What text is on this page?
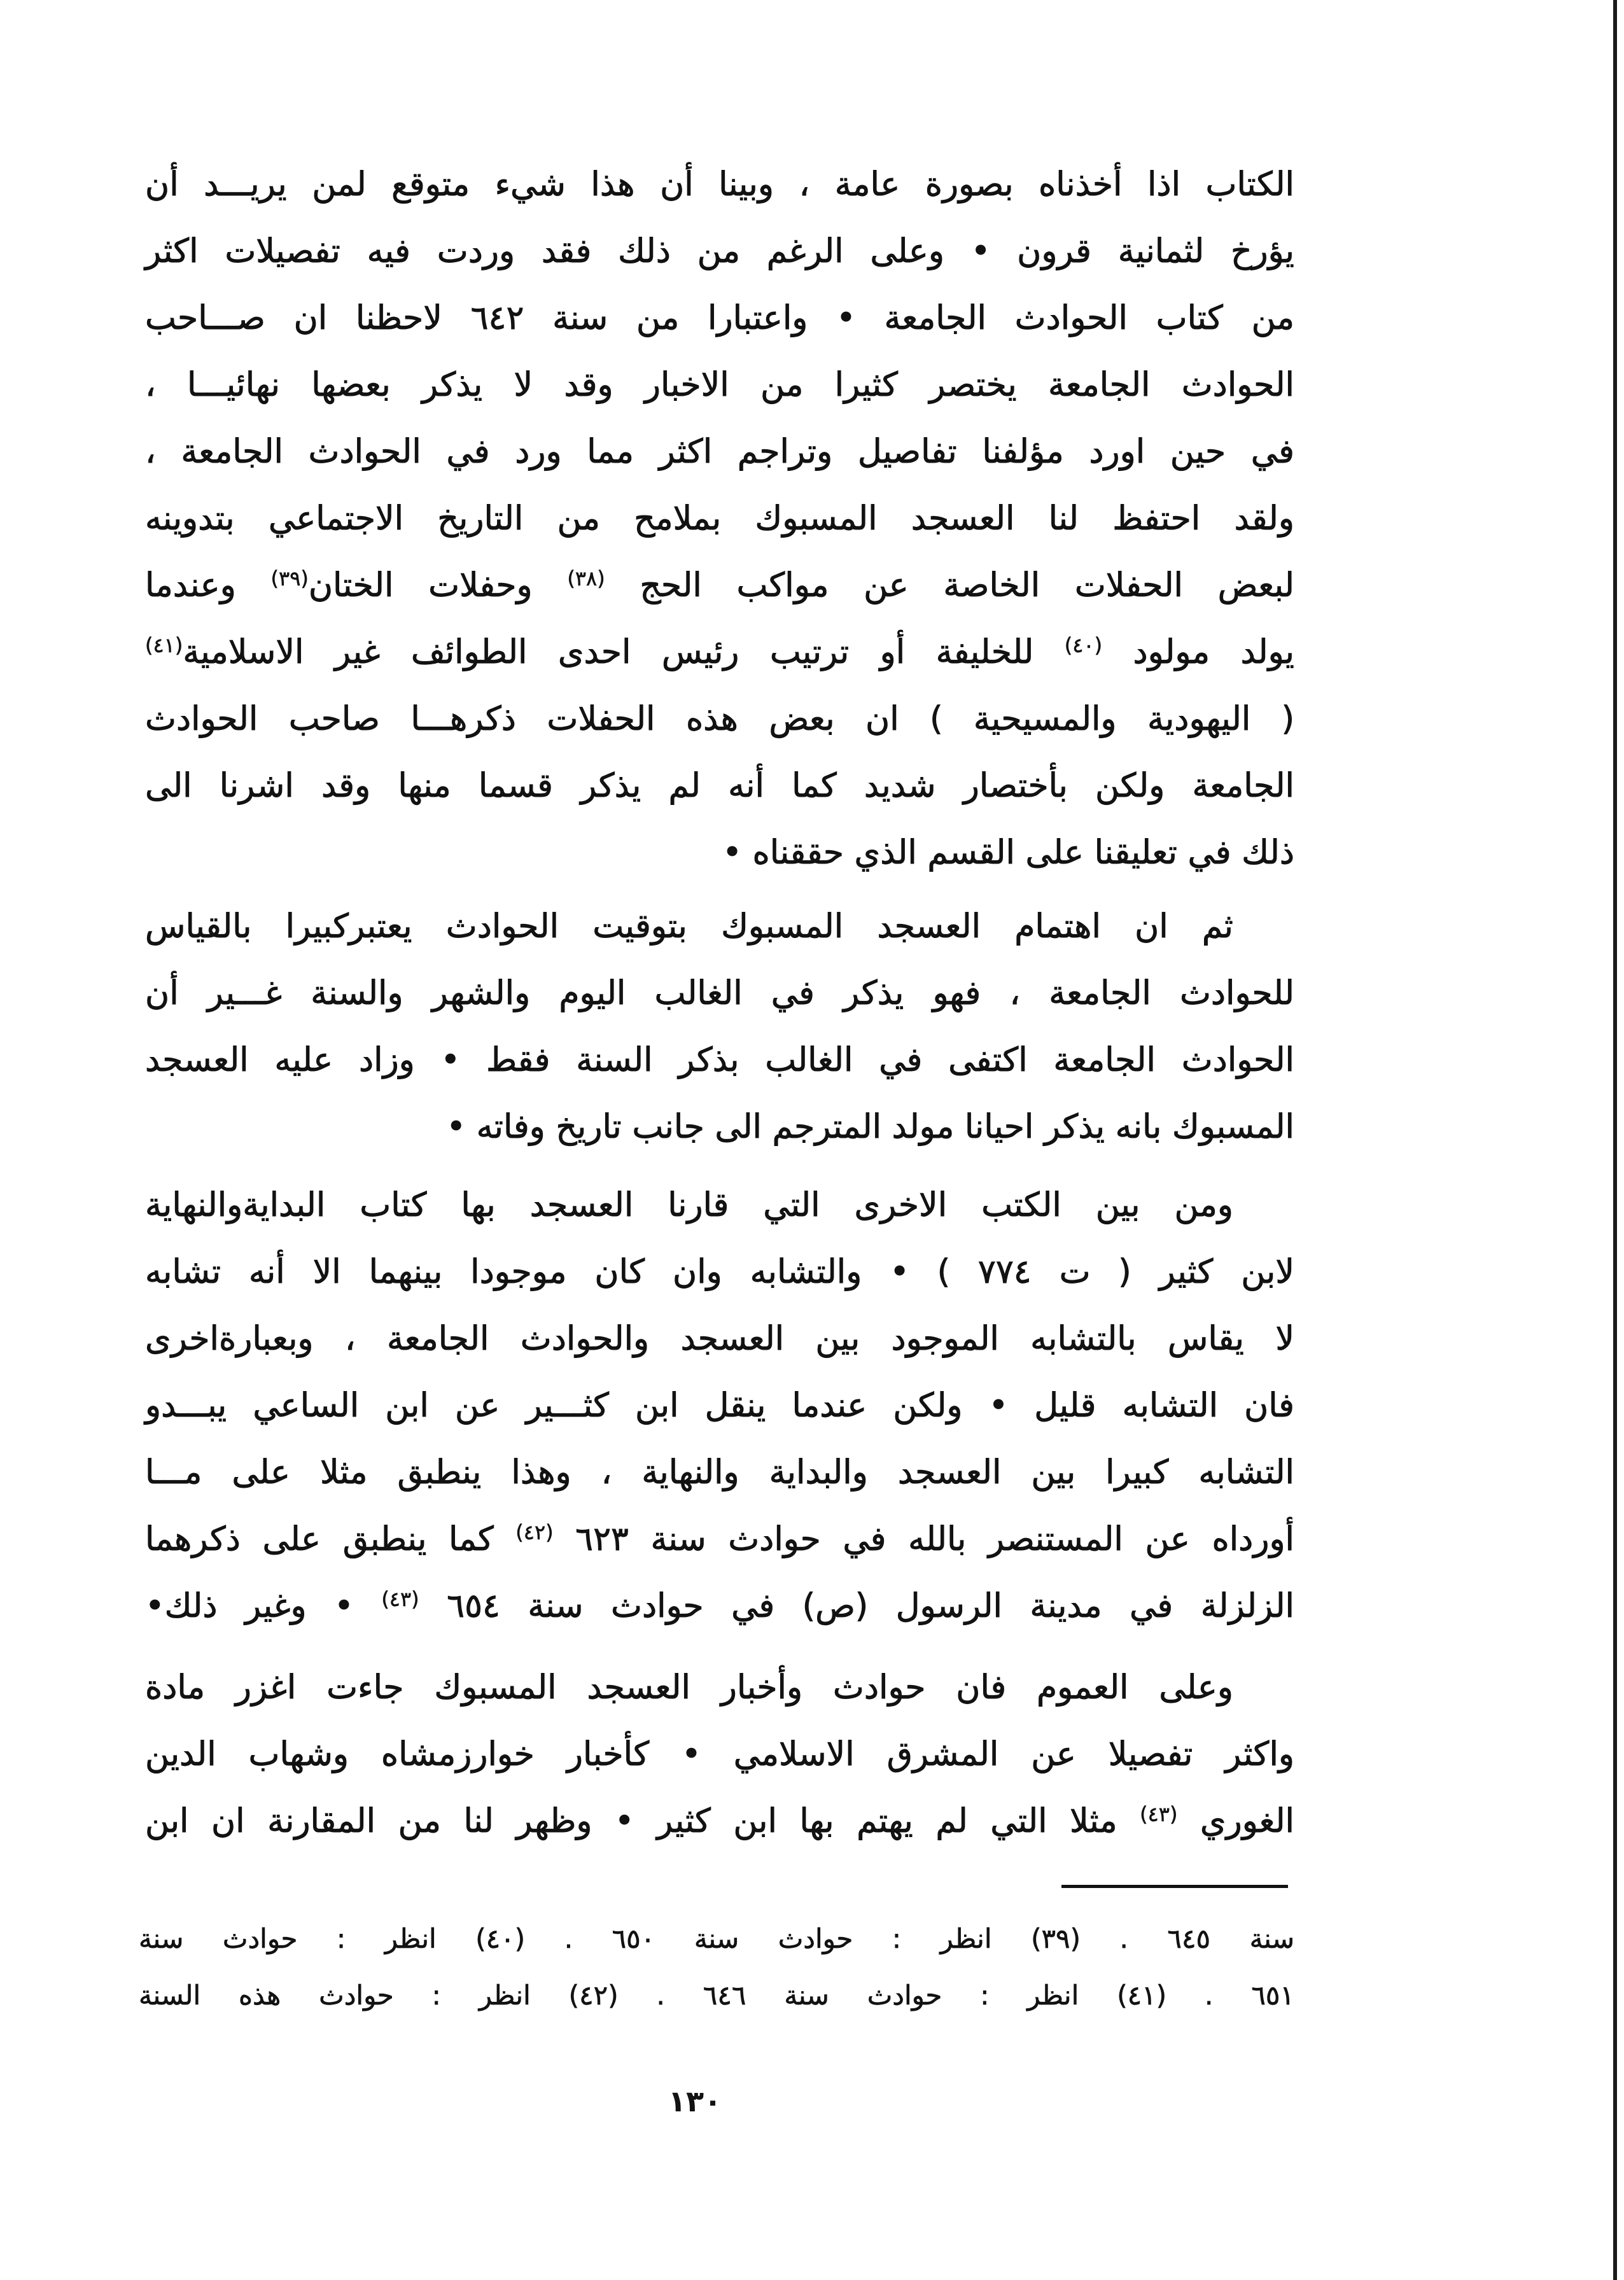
الكتاب اذا أخذناه بصورة عامة ، وبينا أن هذا شيء متوقع لمن يريـــد أن
يؤرخ لثمانية قرون • وعلى الرغم من ذلك فقد وردت فيه تفصيلات اكثر
من كتاب الحوادث الجامعة • واعتبارا من سنة ٦٤٢ لاحظنا ان صـــاحب
الحوادث الجامعة يختصر كثيرا من الاخبار وقد لا يذكر بعضها نهائيـــا ،
في حين اورد مؤلفنا تفاصيل وتراجم اكثر مما ورد في الحوادث الجامعة ،
ولقد احتفظ لنا العسجد المسبوك بملامح من التاريخ الاجتماعي بتدوينه
لبعض الحفلات الخاصة عن مواكب الحج $^{(٣٨)}$ وحفلات الختان$^{(٣٩)}$ وعندما
يولد مولود $^{(٤٠)}$ للخليفة أو ترتيب رئيس احدى الطوائف غير الاسلامية$^{(٤١)}$
( اليهودية والمسيحية ) ان بعض هذه الحفلات ذكرهـــا صاحب الحوادث
الجامعة ولكن بأختصار شديد كما أنه لم يذكر قسما منها وقد اشرنا الى
ذلك في تعليقنا على القسم الذي حققناه •
ثم ان اهتمام العسجد المسبوك بتوقيت الحوادث يعتبركبيرا بالقياس
للحوادث الجامعة ، فهو يذكر في الغالب اليوم والشهر والسنة غـــير أن
الحوادث الجامعة اكتفى في الغالب بذكر السنة فقط • وزاد عليه العسجد
المسبوك بانه يذكر احيانا مولد المترجم الى جانب تاريخ وفاته •
ومن بين الكتب الاخرى التي قارنا العسجد بها كتاب البدايةوالنهاية
لابن كثير ( ت ٧٧٤ ) • والتشابه وان كان موجودا بينهما الا أنه تشابه
لا يقاس بالتشابه الموجود بين العسجد والحوادث الجامعة ، وبعبارةاخرى
فان التشابه قليل • ولكن عندما ينقل ابن كثـــير عن ابن الساعي يبـــدو
التشابه كبيرا بين العسجد والبداية والنهاية ، وهذا ينطبق مثلا على مـــا
أورداه عن المستنصر بالله في حوادث سنة ٦٢٣ $^{(٤٢)}$ كما ينطبق على ذكرهما
الزلزلة في مدينة الرسول (ص) في حوادث سنة ٦٥٤ $^{(٤٣)}$ • وغير ذلك•
وعلى العموم فان حوادث وأخبار العسجد المسبوك جاءت اغزر مادة
واكثر تفصيلا عن المشرق الاسلامي • كأخبار خوارزمشاه وشهاب الدين
الغوري $^{(٤٣)}$ مثلا التي لم يهتم بها ابن كثير • وظهر لنا من المقارنة ان ابن
سنة ٦٤٥ . (٣٩) انظر : حوادث سنة ٦٥٠ . (٤٠) انظر : حوادث سنة
٦٥١ . (٤١) انظر : حوادث سنة ٦٤٦ . (٤٢) انظر : حوادث هذه السنة
١٣٠
